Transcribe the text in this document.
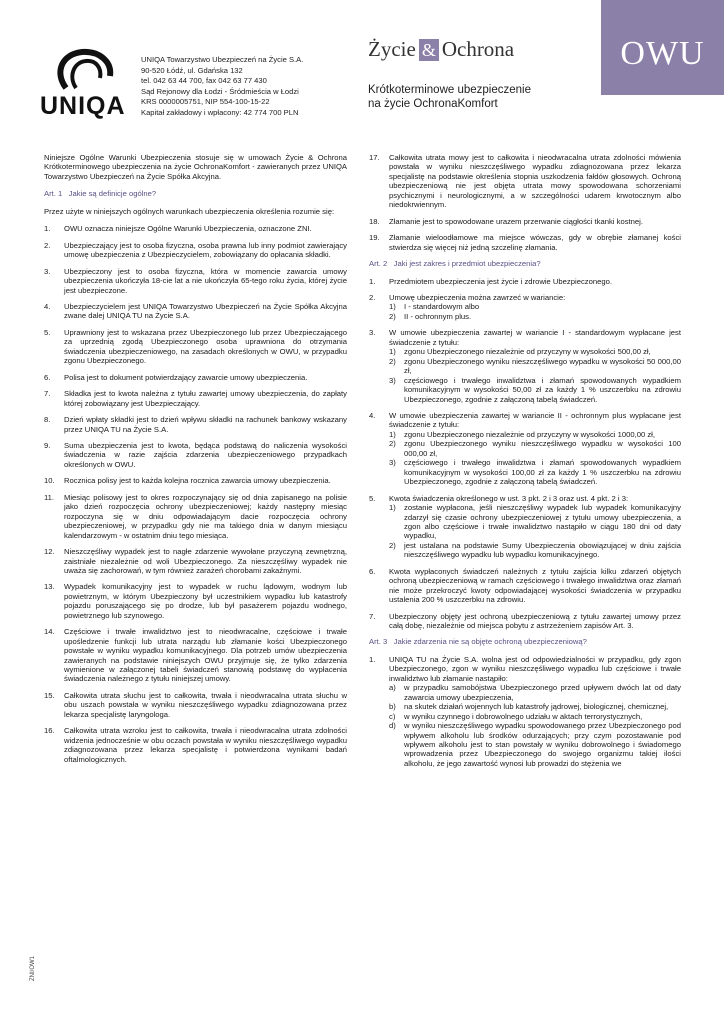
OWU
UNIQA
UNIQA Towarzystwo Ubezpieczeń na Życie S.A.
90-520 Łódź, ul. Gdańska 132
tel. 042 63 44 700, fax 042 63 77 430
Sąd Rejonowy dla Łodzi - Śródmieścia w Łodzi
KRS 0000005751, NIP 554-100-15-22
Kapitał zakładowy i wpłacony: 42 774 700 PLN
Życie & Ochrona
Krótkoterminowe ubezpieczenie
na życie OchronaKomfort

Niniejsze Ogólne Warunki Ubezpieczenia stosuje się w umowach Życie & Ochrona Krótkoterminowego ubezpieczenia na życie OchronaKomfort - zawieranych przez UNIQA Towarzystwo Ubezpieczeń na Życie Spółka Akcyjna.

Art. 1 Jakie są definicje ogólne?

Przez użyte w niniejszych ogólnych warunkach ubezpieczenia określenia rozumie się:

1.	OWU oznacza niniejsze Ogólne Warunki Ubezpieczenia, oznaczone ZNI.
2.	Ubezpieczający jest to osoba fizyczna, osoba prawna lub inny podmiot zawierający umowę ubezpieczenia z Ubezpieczycielem, zobowiązany do opłacania składki.
3.	Ubezpieczony jest to osoba fizyczna, która w momencie zawarcia umowy ubezpieczenia ukończyła 18-cie lat a nie ukończyła 65-tego roku życia, której życie jest ubezpieczone.
4.	Ubezpieczycielem jest UNIQA Towarzystwo Ubezpieczeń na Życie Spółka Akcyjna zwane dalej UNIQA TU na Życie S.A.
5.	Uprawniony jest to wskazana przez Ubezpieczonego lub przez Ubezpieczającego za uprzednią zgodą Ubezpieczonego osoba uprawniona do otrzymania świadczenia ubezpieczeniowego, na zasadach określonych w OWU, w przypadku zgonu Ubezpieczonego.
6.	Polisa jest to dokument potwierdzający zawarcie umowy ubezpieczenia.
7.	Składka jest to kwota należna z tytułu zawartej umowy ubezpieczenia, do zapłaty której zobowiązany jest Ubezpieczający.
8.	Dzień wpłaty składki jest to dzień wpływu składki na rachunek bankowy wskazany przez UNIQA TU na Życie S.A.
9.	Suma ubezpieczenia jest to kwota, będąca podstawą do naliczenia wysokości świadczenia w razie zajścia zdarzenia ubezpieczeniowego przypadkach określonych w OWU.
10.	Rocznica polisy jest to każda kolejna rocznica zawarcia umowy ubezpieczenia.
11.	Miesiąc polisowy jest to okres rozpoczynający się od dnia zapisanego na polisie jako dzień rozpoczęcia ochrony ubezpieczeniowej; każdy następny miesiąc rozpoczyna się w dniu odpowiadającym dacie rozpoczęcia ochrony ubezpieczeniowej, w przypadku gdy nie ma takiego dnia w danym miesiącu kalendarzowym - w ostatnim dniu tego miesiąca.
12.	Nieszczęśliwy wypadek jest to nagłe zdarzenie wywołane przyczyną zewnętrzną, zaistniałe niezależnie od woli Ubezpieczonego. Za nieszczęśliwy wypadek nie uważa się zachorowań, w tym również zarażeń chorobami zakaźnymi.
13.	Wypadek komunikacyjny jest to wypadek w ruchu lądowym, wodnym lub powietrznym, w którym Ubezpieczony był uczestnikiem wypadku lub katastrofy pojazdu poruszającego się po drodze, lub był pasażerem pojazdu wodnego, powietrznego lub szynowego.
14.	Częściowe i trwałe inwalidztwo jest to nieodwracalne, częściowe i trwałe upośledzenie funkcji lub utrata narządu lub złamanie kości Ubezpieczonego powstałe w wyniku wypadku komunikacyjnego. Dla potrzeb umów ubezpieczenia zawieranych na podstawie niniejszych OWU przyjmuje się, że tylko zdarzenia wymienione w załączonej tabeli świadczeń stanowią podstawę do wypłacenia świadczenia należnego z tytułu niniejszej umowy.
15.	Całkowita utrata słuchu jest to całkowita, trwała i nieodwracalna utrata słuchu w obu uszach powstała w wyniku nieszczęśliwego wypadku zdiagnozowana przez lekarza specjalistę laryngologa.
16.	Całkowita utrata wzroku jest to całkowita, trwała i nieodwracalna utrata zdolności widzenia jednocześnie w obu oczach powstała w wyniku nieszczęśliwego wypadku zdiagnozowana przez lekarza specjalistę i potwierdzona wynikami badań oftalmologicznych.
17.	Całkowita utrata mowy jest to całkowita i nieodwracalna utrata zdolności mówienia powstała w wyniku nieszczęśliwego wypadku zdiagnozowana przez lekarza specjalistę na podstawie określenia stopnia uszkodzenia fałdów głosowych. Ochroną ubezpieczeniową nie jest objęta utrata mowy spowodowana schorzeniami psychicznymi i neurologicznymi, a w szczególności udarem krwotocznym albo niedokrwiennym.
18.	Złamanie jest to spowodowane urazem przerwanie ciągłości tkanki kostnej.
19.	Złamanie wieloodłamowe ma miejsce wówczas, gdy w obrębie złamanej kości stwierdza się więcej niż jedną szczelinę złamania.
Art. 2 Jaki jest zakres i przedmiot ubezpieczenia?
1.	Przedmiotem ubezpieczenia jest życie i zdrowie Ubezpieczonego.
2.	Umowę ubezpieczenia można zawrzeć w wariancie:
1)	I - standardowym albo
2)	II - ochronnym plus.
3.	W umowie ubezpieczenia zawartej w wariancie I - standardowym wypłacane jest świadczenie z tytułu:
1)	zgonu Ubezpieczonego niezależnie od przyczyny w wysokości 500,00 zł,
2)	zgonu Ubezpieczonego wyniku nieszczęśliwego wypadku w wysokości 50 000,00 zł,
3)	częściowego i trwałego inwalidztwa i złamań spowodowanych wypadkiem komunikacyjnym w wysokości 50,00 zł za każdy 1 % uszczerbku na zdrowiu Ubezpieczonego, zgodnie z załączoną tabelą świadczeń.
4.	W umowie ubezpieczenia zawartej w wariancie II - ochronnym plus wypłacane jest świadczenie z tytułu:
1)	zgonu Ubezpieczonego niezależnie od przyczyny w wysokości 1000,00 zł,
2)	zgonu Ubezpieczonego wyniku nieszczęśliwego wypadku w wysokości 100 000,00 zł,
3)	częściowego i trwałego inwalidztwa i złamań spowodowanych wypadkiem komunikacyjnym w wysokości 100,00 zł za każdy 1 % uszczerbku na zdrowiu Ubezpieczonego, zgodnie z załączoną tabelą świadczeń.
5.	Kwota świadczenia określonego w ust. 3 pkt. 2 i 3 oraz ust. 4 pkt. 2 i 3:
1)	zostanie wypłacona, jeśli nieszczęśliwy wypadek lub wypadek komunikacyjny zdarzył się czasie ochrony ubezpieczeniowej z tytułu umowy ubezpieczenia, a zgon albo częściowe i trwałe inwalidztwo nastąpiło w ciągu 180 dni od daty wypadku,
2)	jest ustalana na podstawie Sumy Ubezpieczenia obowiązującej w dniu zajścia nieszczęśliwego wypadku lub wypadku komunikacyjnego.
6.	Kwota wypłaconych świadczeń należnych z tytułu zajścia kilku zdarzeń objętych ochroną ubezpieczeniową w ramach częściowego i trwałego inwalidztwa oraz złamań nie może przekroczyć kwoty odpowiadającej wysokości świadczenia w przypadku ustalenia 200 % uszczerbku na zdrowiu.
7.	Ubezpieczony objęty jest ochroną ubezpieczeniową z tytułu zawartej umowy przez całą dobę, niezależnie od miejsca pobytu z astrzeżeniem zapisów Art. 3.
Art. 3 Jakie zdarzenia nie są objęte ochroną ubezpieczeniową?
1.	UNIQA TU na Życie S.A. wolna jest od odpowiedzialności w przypadku, gdy zgon Ubezpieczonego, zgon w wyniku nieszczęśliwego wypadku lub częściowe i trwałe inwalidztwo lub złamanie nastąpiło:
a)	w przypadku samobójstwa Ubezpieczonego przed upływem dwóch lat od daty zawarcia umowy ubezpieczenia,
b)	na skutek działań wojennych lub katastrofy jądrowej, biologicznej, chemicznej,
c)	w wyniku czynnego i dobrowolnego udziału w aktach terrorystycznych,
d)	w wyniku nieszczęśliwego wypadku spowodowanego przez Ubezpieczonego pod wpływem alkoholu lub środków odurzających; przy czym pozostawanie pod wpływem alkoholu jest to stan powstały w wyniku dobrowolnego i świadomego wprowadzenia przez Ubezpieczonego do swojego organizmu takiej ilości alkoholu, że jego zawartość wynosi lub prowadzi do stężenia we
ZNI/OW1
